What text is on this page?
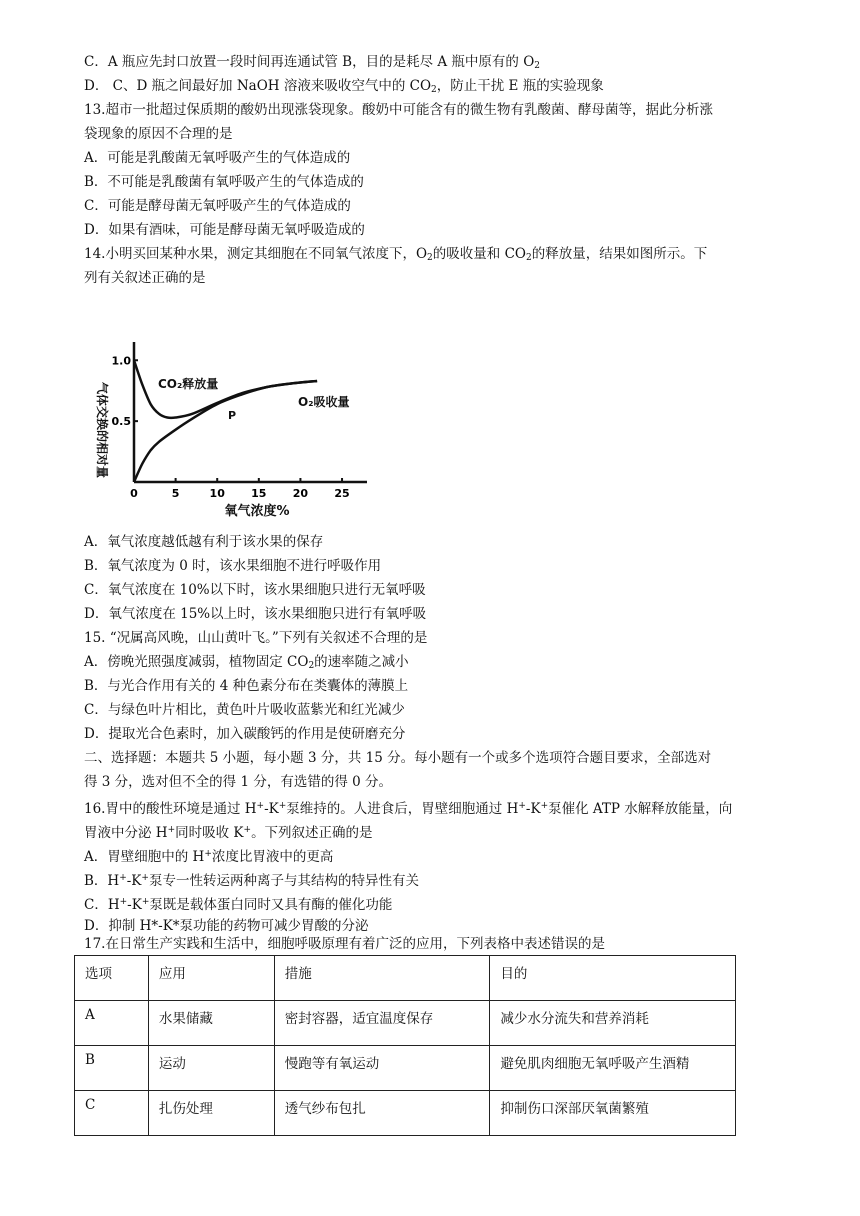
C．A 瓶应先封口放置一段时间再连通试管 B，目的是耗尽 A 瓶中原有的 $O_2$
D． C、D 瓶之间最好加 NaOH 溶液来吸收空气中的 $CO_2$，防止干扰 E 瓶的实验现象
13.超市一批超过保质期的酸奶出现涨袋现象。酸奶中可能含有的微生物有乳酸菌、酵母菌等，据此分析涨
袋现象的原因不合理的是
A．可能是乳酸菌无氧呼吸产生的气体造成的
B．不可能是乳酸菌有氧呼吸产生的气体造成的
C．可能是酵母菌无氧呼吸产生的气体造成的
D．如果有酒味，可能是酵母菌无氧呼吸造成的
14.小明买回某种水果，测定其细胞在不同氧气浓度下，$O_2$的吸收量和 $CO_2$的释放量，结果如图所示。下
列有关叙述正确的是
气体交换的相对量
0	5	10 15 20 25
0.5
1.0
CO₂释放量
O₂吸收量
P
氧气浓度%
A．氧气浓度越低越有利于该水果的保存
B．氧气浓度为 0 时，该水果细胞不进行呼吸作用
C．氧气浓度在 10%以下时，该水果细胞只进行无氧呼吸
D．氧气浓度在 15%以上时，该水果细胞只进行有氧呼吸
15. “况属高风晚，山山黄叶飞。”下列有关叙述不合理的是
A．傍晚光照强度减弱，植物固定 $CO_2$的速率随之减小
B．与光合作用有关的 4 种色素分布在类囊体的薄膜上
C．与绿色叶片相比，黄色叶片吸收蓝紫光和红光减少
D．提取光合色素时，加入碳酸钙的作用是使研磨充分
二、选择题：本题共 5 小题，每小题 3 分，共 15 分。每小题有一个或多个选项符合题目要求，全部选对
得 3 分，选对但不全的得 1 分，有选错的得 0 分。
16.胃中的酸性环境是通过 H+-K+泵维持的。人进食后，胃壁细胞通过 H+-K+泵催化 ATP 水解释放能量，向
胃液中分泌 H+同时吸收 K+。下列叙述正确的是
A．胃壁细胞中的 H+浓度比胃液中的更高
B．H+-K+泵专一性转运两种离子与其结构的特异性有关
C．H+-K+泵既是载体蛋白同时又具有酶的催化功能
D．抑制 H*-K*泵功能的药物可减少胃酸的分泌
17.在日常生产实践和生活中，细胞呼吸原理有着广泛的应用，下列表格中表述错误的是
选项	应用	措施	目的
A	水果储藏	密封容器，适宜温度保存	减少水分流失和营养消耗
B	运动	慢跑等有氧运动	避免肌肉细胞无氧呼吸产生酒精
C	扎伤处理	透气纱布包扎	抑制伤口深部厌氧菌繁殖
